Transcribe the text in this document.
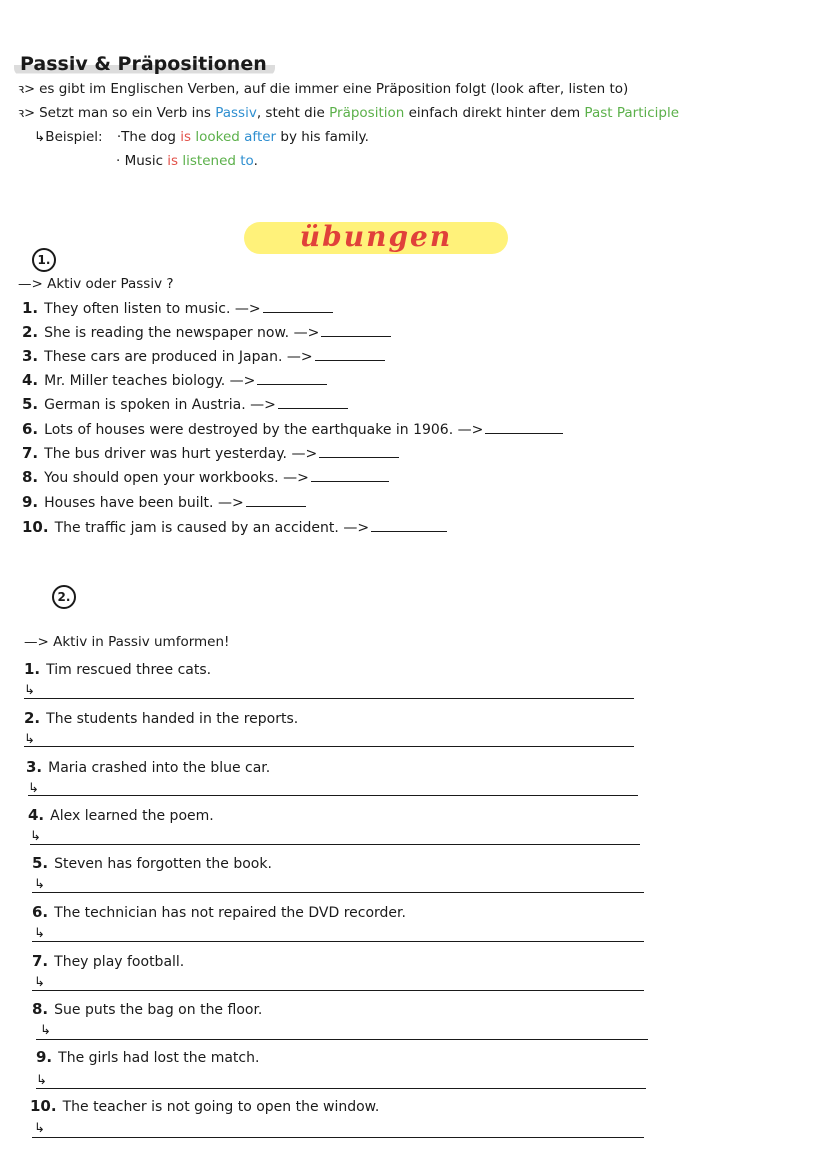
Passiv & Präpositionen
ꝛ> es gibt im Englischen Verben, auf die immer eine Präposition folgt (look after, listen to)
ꝛ> Setzt man so ein Verb ins Passiv, steht die Präposition einfach direkt hinter dem Past Participle
↳Beispiel: ·The dog is looked after by his family.
· Music is listened to.
übungen
1.
—> Aktiv oder Passiv ?
1. They often listen to music. —>
2. She is reading the newspaper now. —>
3. These cars are produced in Japan. —>
4. Mr. Miller teaches biology. —>
5. German is spoken in Austria. —>
6. Lots of houses were destroyed by the earthquake in 1906. —>
7. The bus driver was hurt yesterday. —>
8. You should open your workbooks. —>
9. Houses have been built. —>
10. The traffic jam is caused by an accident. —>
2.
—> Aktiv in Passiv umformen!
1. Tim rescued three cats.
↳
2. The students handed in the reports.
↳
3. Maria crashed into the blue car.
↳
4. Alex learned the poem.
↳
5. Steven has forgotten the book.
↳
6. The technician has not repaired the DVD recorder.
↳
7. They play football.
↳
8. Sue puts the bag on the floor.
↳
9. The girls had lost the match.
↳
10. The teacher is not going to open the window.
↳
